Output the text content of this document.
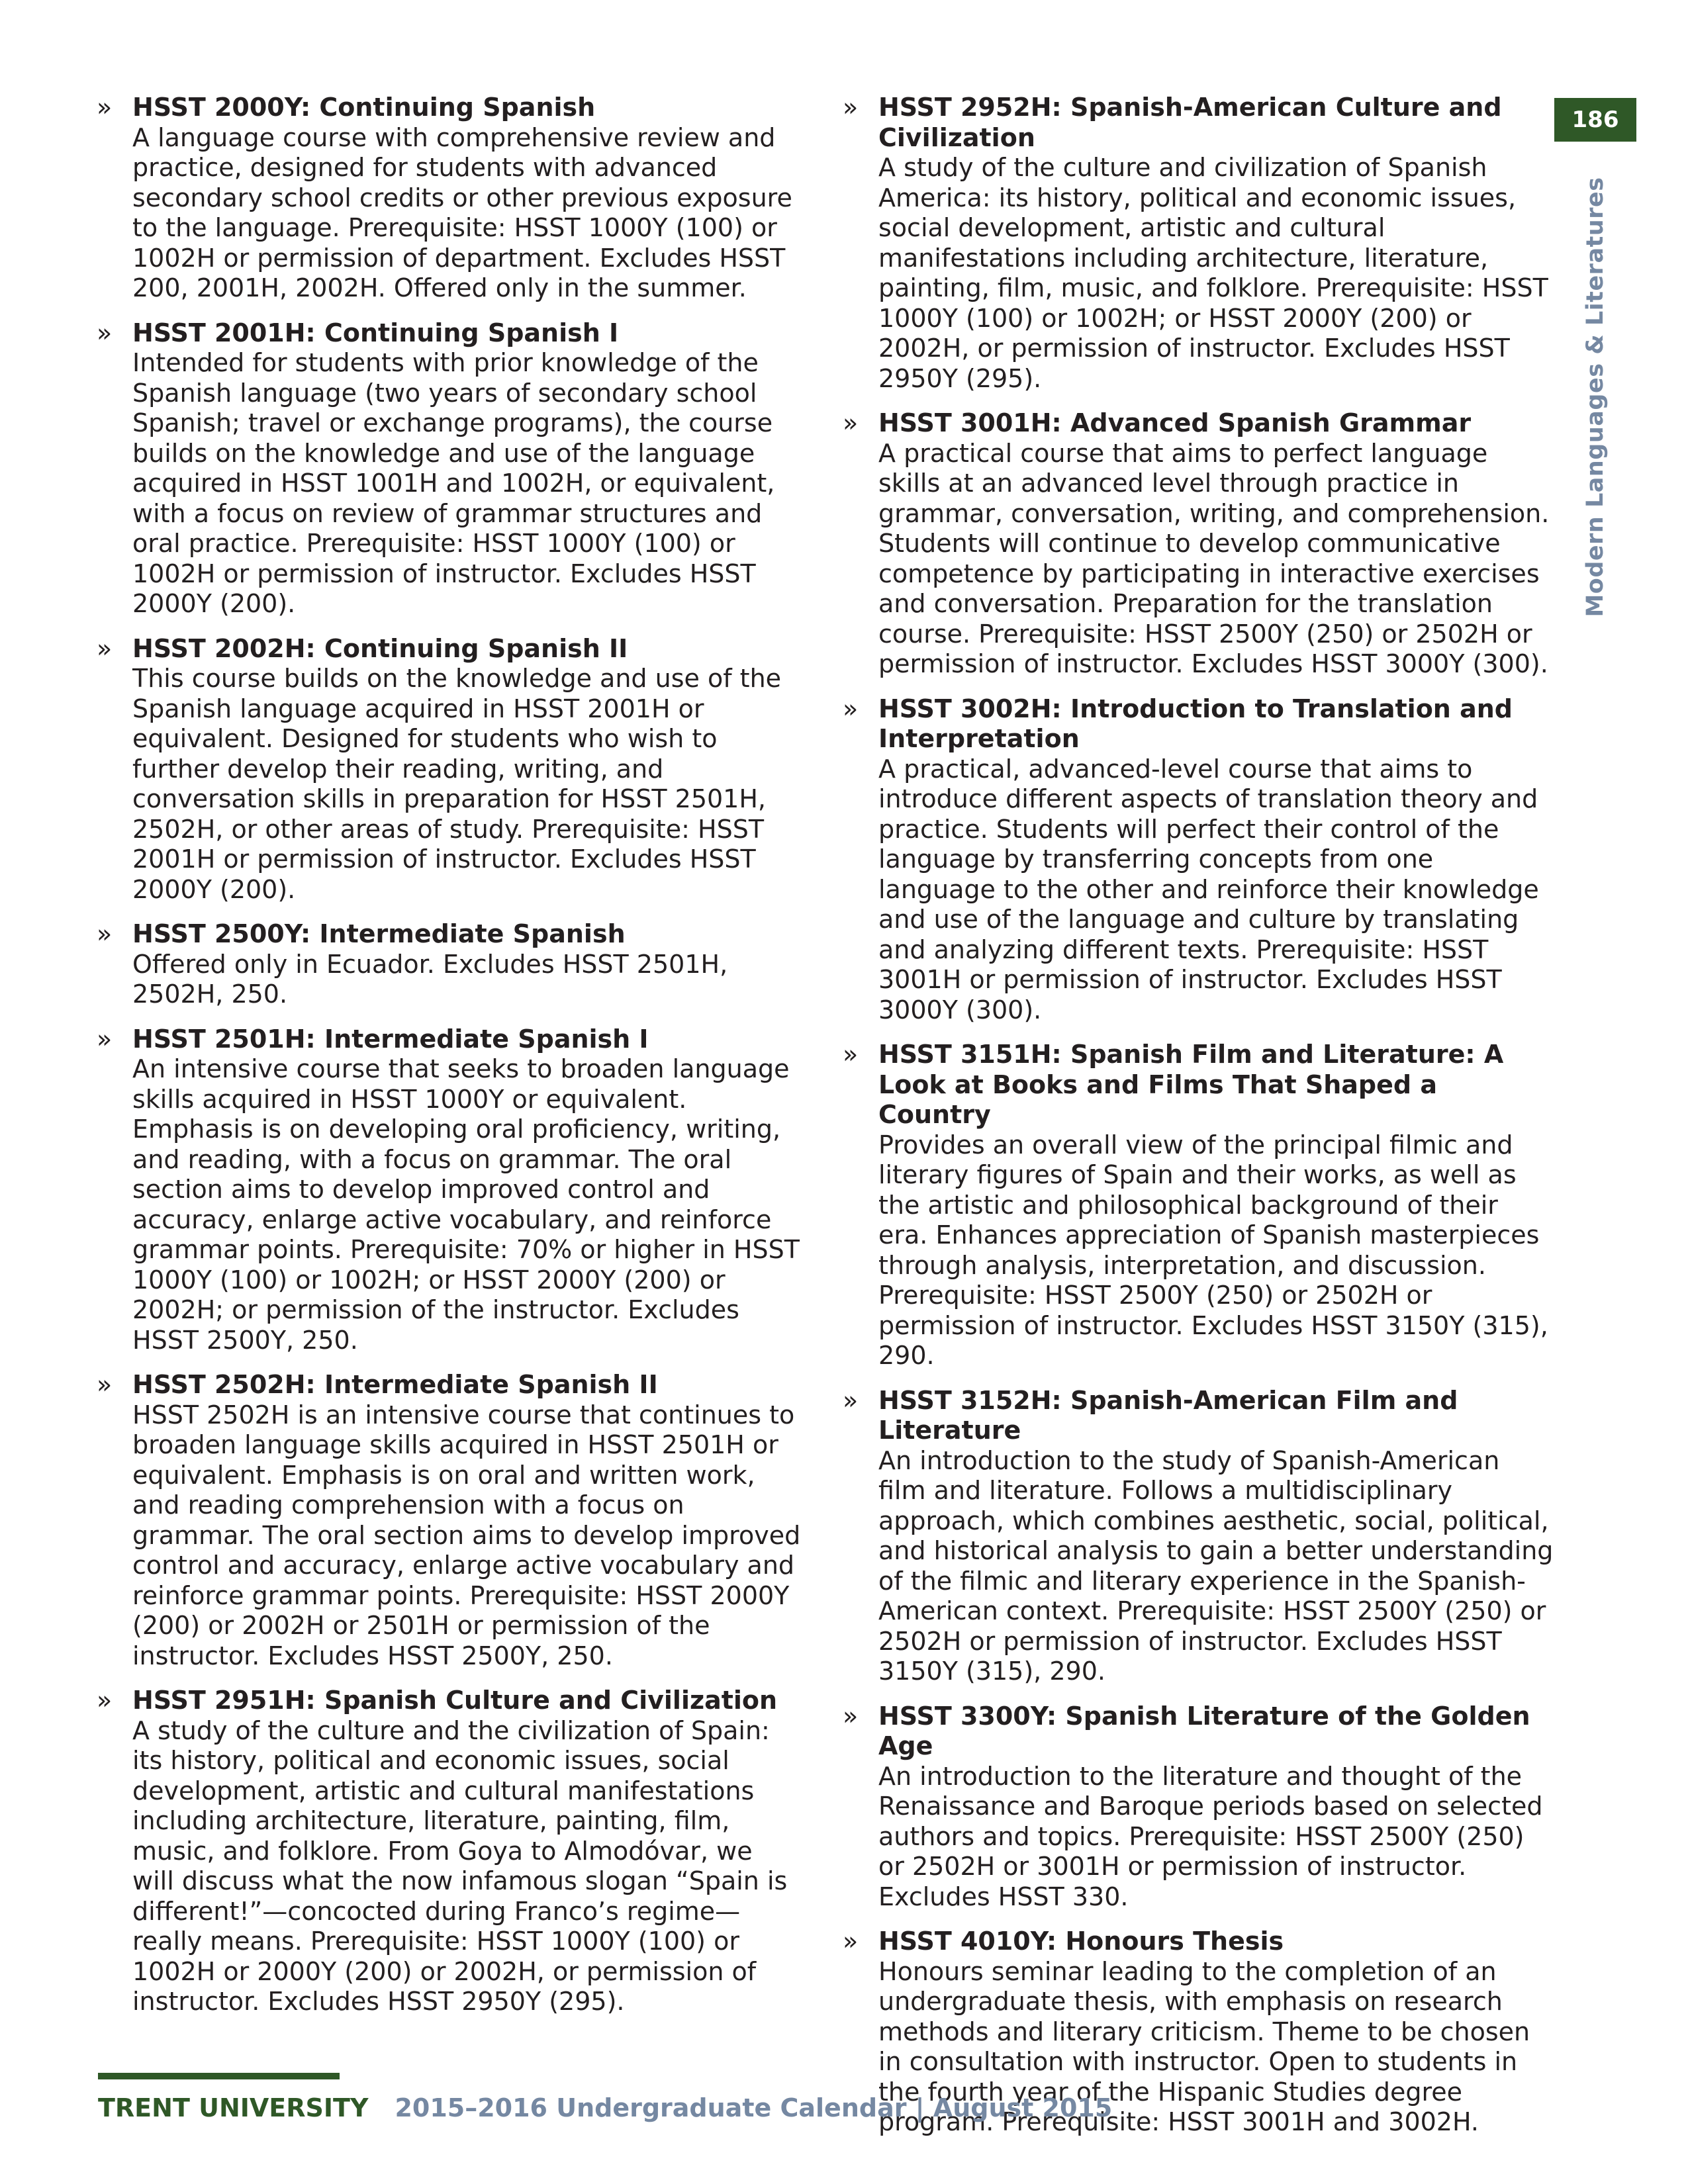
» HSST 2000Y: Continuing Spanish
A language course with comprehensive review and practice, designed for students with advanced secondary school credits or other previous exposure to the language. Prerequisite: HSST 1000Y (100) or 1002H or permission of department. Excludes HSST 200, 2001H, 2002H. Offered only in the summer.
» HSST 2001H: Continuing Spanish I
Intended for students with prior knowledge of the Spanish language (two years of secondary school Spanish; travel or exchange programs), the course builds on the knowledge and use of the language acquired in HSST 1001H and 1002H, or equivalent, with a focus on review of grammar structures and oral practice. Prerequisite: HSST 1000Y (100) or 1002H or permission of instructor. Excludes HSST 2000Y (200).
» HSST 2002H: Continuing Spanish II
This course builds on the knowledge and use of the Spanish language acquired in HSST 2001H or equivalent. Designed for students who wish to further develop their reading, writing, and conversation skills in preparation for HSST 2501H, 2502H, or other areas of study. Prerequisite: HSST 2001H or permission of instructor. Excludes HSST 2000Y (200).
» HSST 2500Y: Intermediate Spanish
Offered only in Ecuador. Excludes HSST 2501H, 2502H, 250.
» HSST 2501H: Intermediate Spanish I
An intensive course that seeks to broaden language skills acquired in HSST 1000Y or equivalent. Emphasis is on developing oral proficiency, writing, and reading, with a focus on grammar. The oral section aims to develop improved control and accuracy, enlarge active vocabulary, and reinforce grammar points. Prerequisite: 70% or higher in HSST 1000Y (100) or 1002H; or HSST 2000Y (200) or 2002H; or permission of the instructor. Excludes HSST 2500Y, 250.
» HSST 2502H: Intermediate Spanish II
HSST 2502H is an intensive course that continues to broaden language skills acquired in HSST 2501H or equivalent. Emphasis is on oral and written work, and reading comprehension with a focus on grammar. The oral section aims to develop improved control and accuracy, enlarge active vocabulary and reinforce grammar points. Prerequisite: HSST 2000Y (200) or 2002H or 2501H or permission of the instructor. Excludes HSST 2500Y, 250.
» HSST 2951H: Spanish Culture and Civilization
A study of the culture and the civilization of Spain: its history, political and economic issues, social development, artistic and cultural manifestations including architecture, literature, painting, film, music, and folklore. From Goya to Almodóvar, we will discuss what the now infamous slogan “Spain is different!”—concocted during Franco’s regime—really means. Prerequisite: HSST 1000Y (100) or 1002H or 2000Y (200) or 2002H, or permission of instructor. Excludes HSST 2950Y (295).
» HSST 2952H: Spanish-American Culture and Civilization
A study of the culture and civilization of Spanish America: its history, political and economic issues, social development, artistic and cultural manifestations including architecture, literature, painting, film, music, and folklore. Prerequisite: HSST 1000Y (100) or 1002H; or HSST 2000Y (200) or 2002H, or permission of instructor. Excludes HSST 2950Y (295).
» HSST 3001H: Advanced Spanish Grammar
A practical course that aims to perfect language skills at an advanced level through practice in grammar, conversation, writing, and comprehension. Students will continue to develop communicative competence by participating in interactive exercises and conversation. Preparation for the translation course. Prerequisite: HSST 2500Y (250) or 2502H or permission of instructor. Excludes HSST 3000Y (300).
» HSST 3002H: Introduction to Translation and Interpretation
A practical, advanced-level course that aims to introduce different aspects of translation theory and practice. Students will perfect their control of the language by transferring concepts from one language to the other and reinforce their knowledge and use of the language and culture by translating and analyzing different texts. Prerequisite: HSST 3001H or permission of instructor. Excludes HSST 3000Y (300).
» HSST 3151H: Spanish Film and Literature: A Look at Books and Films That Shaped a Country
Provides an overall view of the principal filmic and literary figures of Spain and their works, as well as the artistic and philosophical background of their era. Enhances appreciation of Spanish masterpieces through analysis, interpretation, and discussion. Prerequisite: HSST 2500Y (250) or 2502H or permission of instructor. Excludes HSST 3150Y (315), 290.
» HSST 3152H: Spanish-American Film and Literature
An introduction to the study of Spanish-American film and literature. Follows a multidisciplinary approach, which combines aesthetic, social, political, and historical analysis to gain a better understanding of the filmic and literary experience in the Spanish-American context. Prerequisite: HSST 2500Y (250) or 2502H or permission of instructor. Excludes HSST 3150Y (315), 290.
» HSST 3300Y: Spanish Literature of the Golden Age
An introduction to the literature and thought of the Renaissance and Baroque periods based on selected authors and topics. Prerequisite: HSST 2500Y (250) or 2502H or 3001H or permission of instructor. Excludes HSST 330.
» HSST 4010Y: Honours Thesis
Honours seminar leading to the completion of an undergraduate thesis, with emphasis on research methods and literary criticism. Theme to be chosen in consultation with instructor. Open to students in the fourth year of the Hispanic Studies degree program. Prerequisite: HSST 3001H and 3002H.
186
Modern Languages & Literatures
TRENT UNIVERSITY 2015–2016 Undergraduate Calendar | August 2015
